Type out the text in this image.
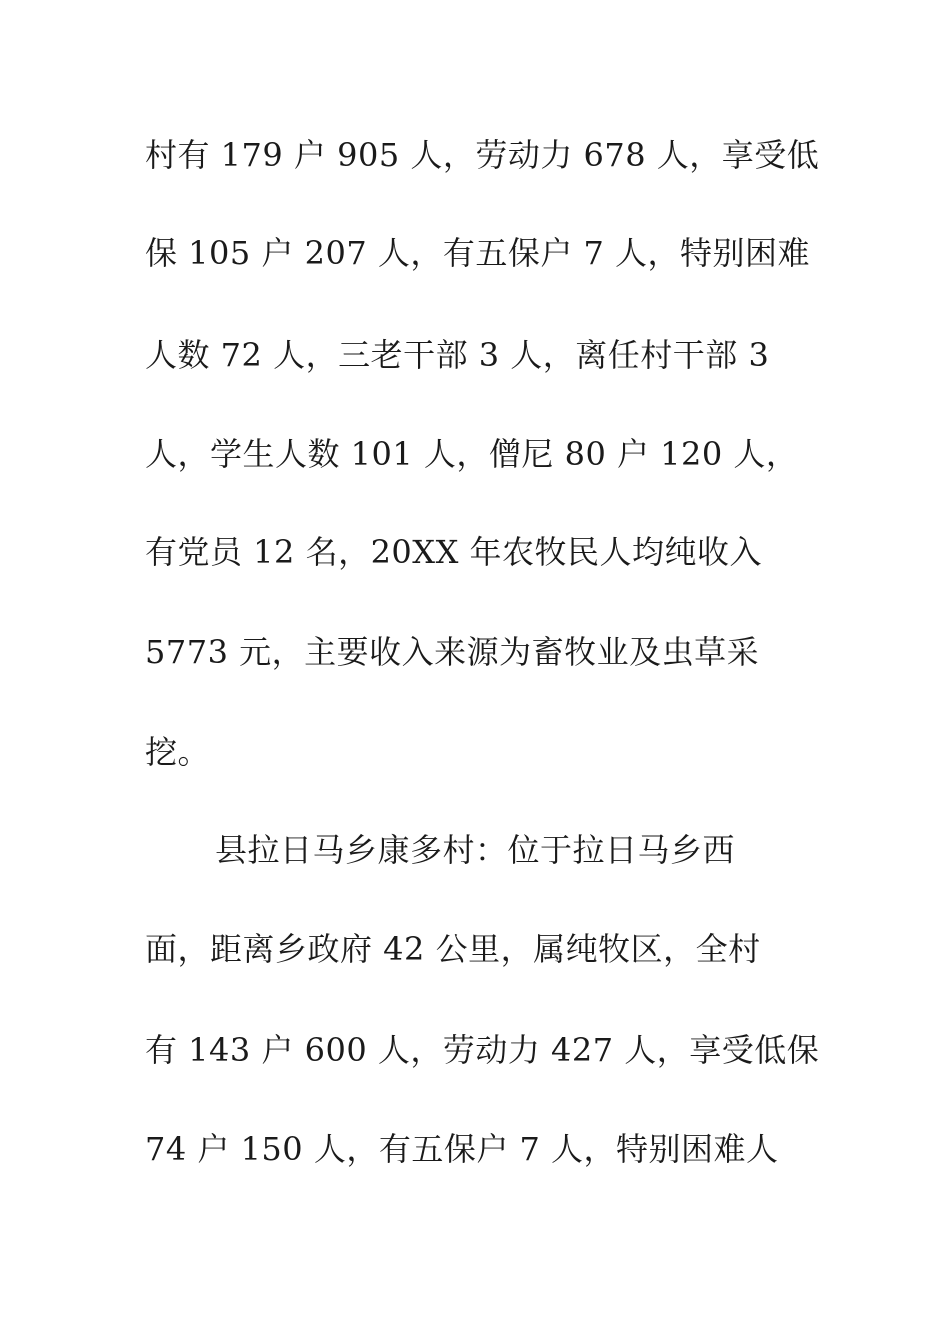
村有 179 户 905 人，劳动力 678 人，享受低
保 105 户 207 人，有五保户 7 人，特别困难
人数 72 人，三老干部 3 人，离任村干部 3
人，学生人数 101 人，僧尼 80 户 120 人，
有党员 12 名，20XX 年农牧民人均纯收入
5773 元，主要收入来源为畜牧业及虫草采
挖。
县拉日马乡康多村：位于拉日马乡西
面，距离乡政府 42 公里，属纯牧区，全村
有 143 户 600 人，劳动力 427 人，享受低保
74 户 150 人，有五保户 7 人，特别困难人
